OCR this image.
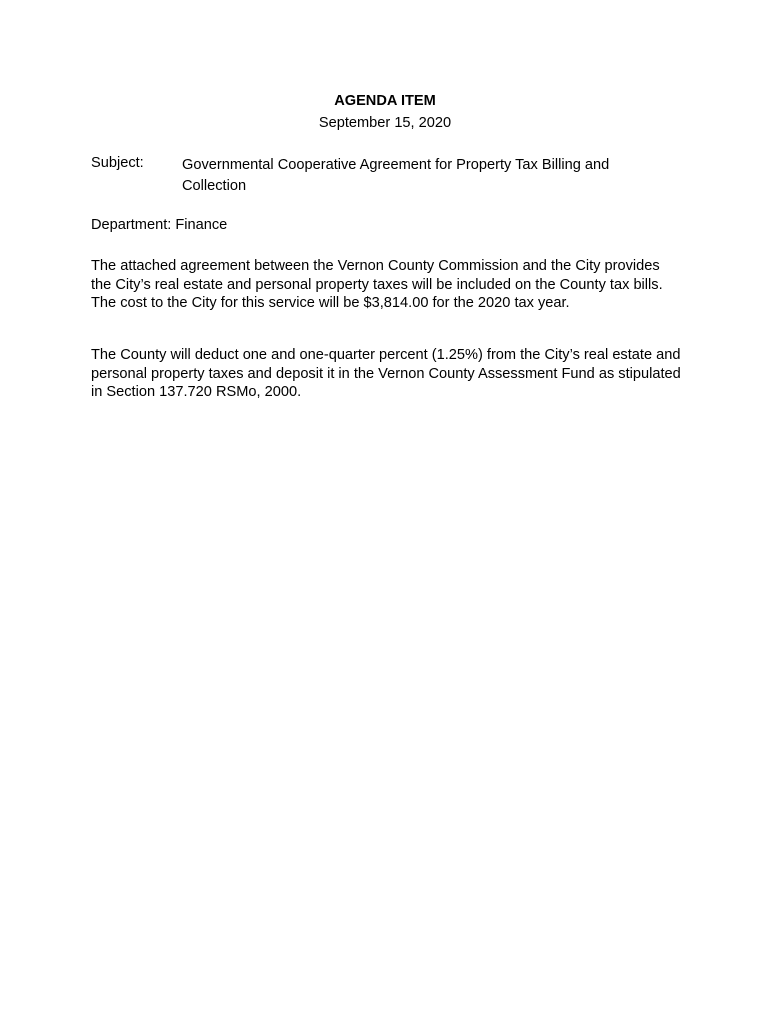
AGENDA ITEM
September 15, 2020
Subject:	Governmental Cooperative Agreement for Property Tax Billing and Collection
Department: Finance

The attached agreement between the Vernon County Commission and the City provides the City’s real estate and personal property taxes will be included on the County tax bills. The cost to the City for this service will be $3,814.00 for the 2020 tax year.

The County will deduct one and one-quarter percent (1.25%) from the City’s real estate and personal property taxes and deposit it in the Vernon County Assessment Fund as stipulated in Section 137.720 RSMo, 2000.
